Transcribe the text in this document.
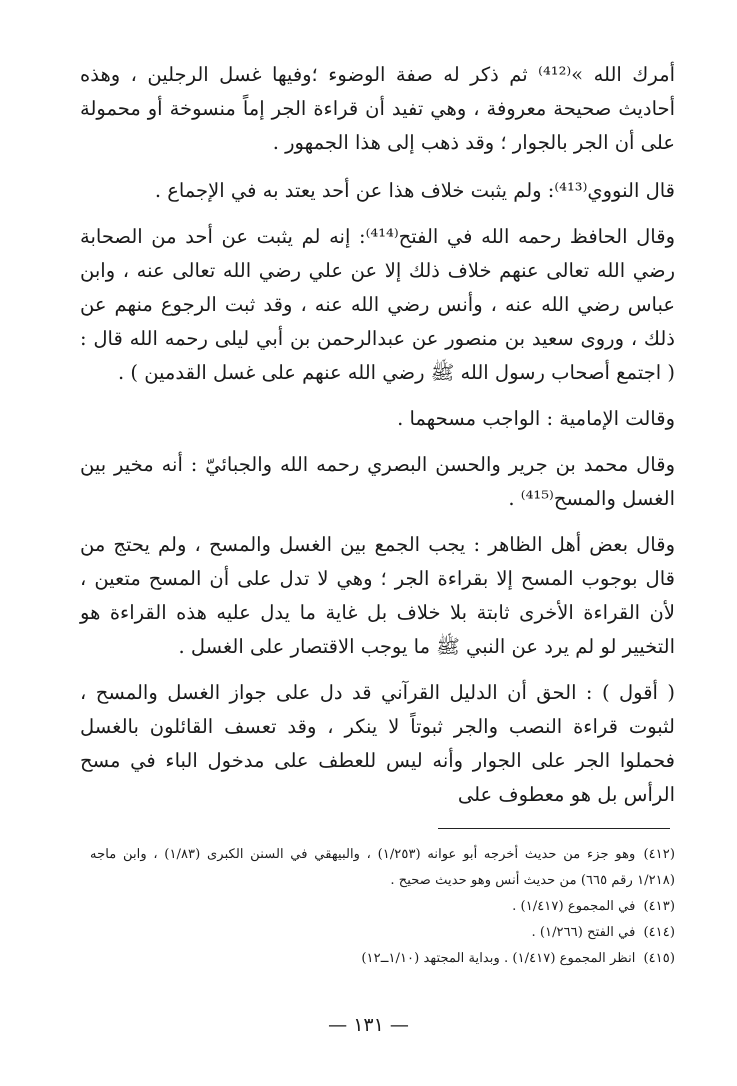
أمرك الله »⁽⁴¹²⁾ ثم ذكر له صفة الوضوء ؛وفيها غسل الرجلين ، وهذه أحاديث صحيحة معروفة ، وهي تفيد أن قراءة الجر إماً منسوخة أو محمولة على أن الجر بالجوار ؛ وقد ذهب إلى هذا الجمهور .

قال النووي⁽⁴¹³⁾: ولم يثبت خلاف هذا عن أحد يعتد به في الإجماع .

وقال الحافظ رحمه الله في الفتح⁽⁴¹⁴⁾: إنه لم يثبت عن أحد من الصحابة رضي الله تعالى عنهم خلاف ذلك إلا عن علي رضي الله تعالى عنه ، وابن عباس رضي الله عنه ، وأنس رضي الله عنه ، وقد ثبت الرجوع منهم عن ذلك ، وروى سعيد بن منصور عن عبدالرحمن بن أبي ليلى رحمه الله قال : ( اجتمع أصحاب رسول الله ﷺ رضي الله عنهم على غسل القدمين ) .

وقالت الإمامية : الواجب مسحهما .

وقال محمد بن جرير والحسن البصري رحمه الله والجبائيّ : أنه مخير بين الغسل والمسح⁽⁴¹⁵⁾ .

وقال بعض أهل الظاهر : يجب الجمع بين الغسل والمسح ، ولم يحتج من قال بوجوب المسح إلا بقراءة الجر ؛ وهي لا تدل على أن المسح متعين ، لأن القراءة الأخرى ثابتة بلا خلاف بل غاية ما يدل عليه هذه القراءة هو التخيير لو لم يرد عن النبي ﷺ ما يوجب الاقتصار على الغسل .

( أقول ) : الحق أن الدليل القرآني قد دل على جواز الغسل والمسح ، لثبوت قراءة النصب والجر ثبوتاً لا ينكر ، وقد تعسف القائلون بالغسل فحملوا الجر على الجوار وأنه ليس للعطف على مدخول الباء في مسح الرأس بل هو معطوف على

(٤١٢)وهو جزء من حديث أخرجه أبو عوانه (١/٢٥٣) ، والبيهقي في السنن الكبرى (١/٨٣) ، وابن ماجه (١/٢١٨ رقم ٦٦٥) من حديث أنس وهو حديث صحيح .

(٤١٣)في المجموع (١/٤١٧) .

(٤١٤)في الفتح (١/٢٦٦) .

(٤١٥)انظر المجموع (١/٤١٧) . وبداية المجتهد (١/١٠ــ١٢)

— ١٣١ —
